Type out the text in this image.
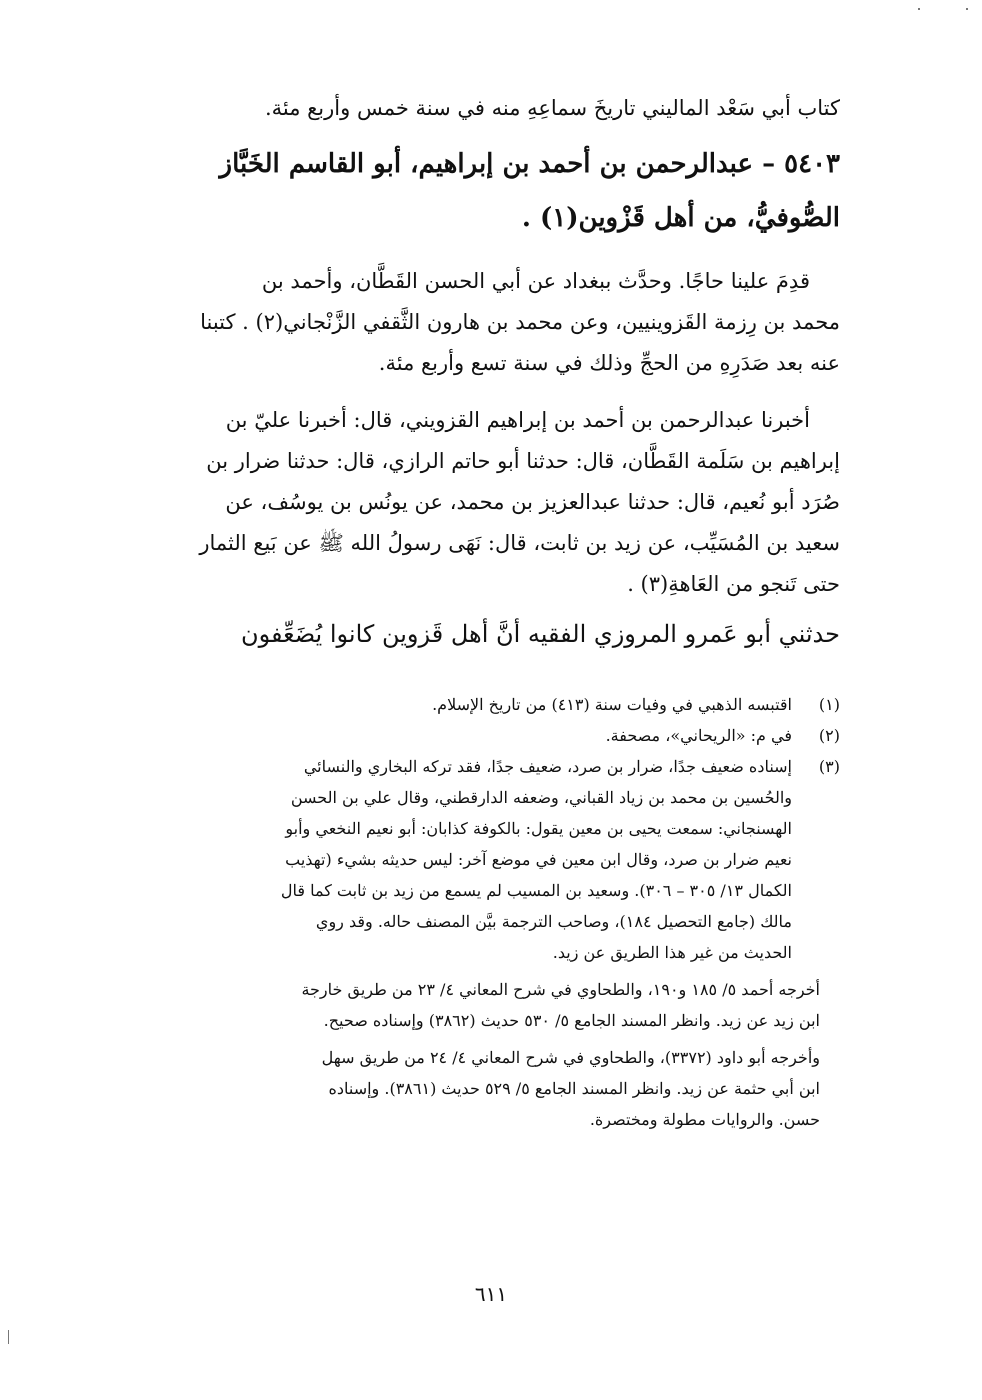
كتاب أبي سَعْد الماليني تاريخَ سماعِهِ منه في سنة خمس وأربع مئة.
٥٤٠٣ – عبدالرحمن بن أحمد بن إبراهيم، أبو القاسم الخَبَّاز
الصُّوفيُّ، من أهل قَزْوين(١) .
قدِمَ علينا حاجًا. وحدَّث ببغداد عن أبي الحسن القَطَّان، وأحمد بن
محمد بن رِزمة القَزوينيين، وعن محمد بن هارون الثَّقفي الزَّنْجاني(٢) . كتبنا
عنه بعد صَدَرِهِ من الحجِّ وذلك في سنة تسع وأربع مئة.
أخبرنا عبدالرحمن بن أحمد بن إبراهيم القزويني، قال: أخبرنا عليّ بن
إبراهيم بن سَلَمة القَطَّان، قال: حدثنا أبو حاتم الرازي، قال: حدثنا ضرار بن
صُرَد أبو نُعيم، قال: حدثنا عبدالعزيز بن محمد، عن يونُس بن يوسُف، عن
سعيد بن المُسَيِّب، عن زيد بن ثابت، قال: نَهَى رسولُ الله ﷺ عن بَيع الثمار
حتى تَنجو من العَاهةِ(٣) .
حدثني أبو عَمرو المروزي الفقيه أنَّ أهل قَزوين كانوا يُضَعِّفون
(١)
اقتبسه الذهبي في وفيات سنة (٤١٣) من تاريخ الإسلام.
(٢)
في م: «الريحاني»، مصحفة.
(٣)
إسناده ضعيف جدًا، ضرار بن صرد، ضعيف جدًا، فقد تركه البخاري والنسائي
والحُسين بن محمد بن زياد القباني، وضعفه الدارقطني، وقال علي بن الحسن
الهسنجاني: سمعت يحيى بن معين يقول: بالكوفة كذابان: أبو نعيم النخعي وأبو
نعيم ضرار بن صرد، وقال ابن معين في موضع آخر: ليس حديثه بشيء (تهذيب
الكمال ١٣/ ٣٠٥ – ٣٠٦). وسعيد بن المسيب لم يسمع من زيد بن ثابت كما قال
مالك (جامع التحصيل ١٨٤)، وصاحب الترجمة بيَّن المصنف حاله. وقد روي
الحديث من غير هذا الطريق عن زيد.
أخرجه أحمد ٥/ ١٨٥ و١٩٠، والطحاوي في شرح المعاني ٤/ ٢٣ من طريق خارجة
ابن زيد عن زيد. وانظر المسند الجامع ٥/ ٥٣٠ حديث (٣٨٦٢) وإسناده صحيح.
وأخرجه أبو داود (٣٣٧٢)، والطحاوي في شرح المعاني ٤/ ٢٤ من طريق سهل
ابن أبي حثمة عن زيد. وانظر المسند الجامع ٥/ ٥٢٩ حديث (٣٨٦١). وإسناده
حسن. والروايات مطولة ومختصرة.
٦١١
